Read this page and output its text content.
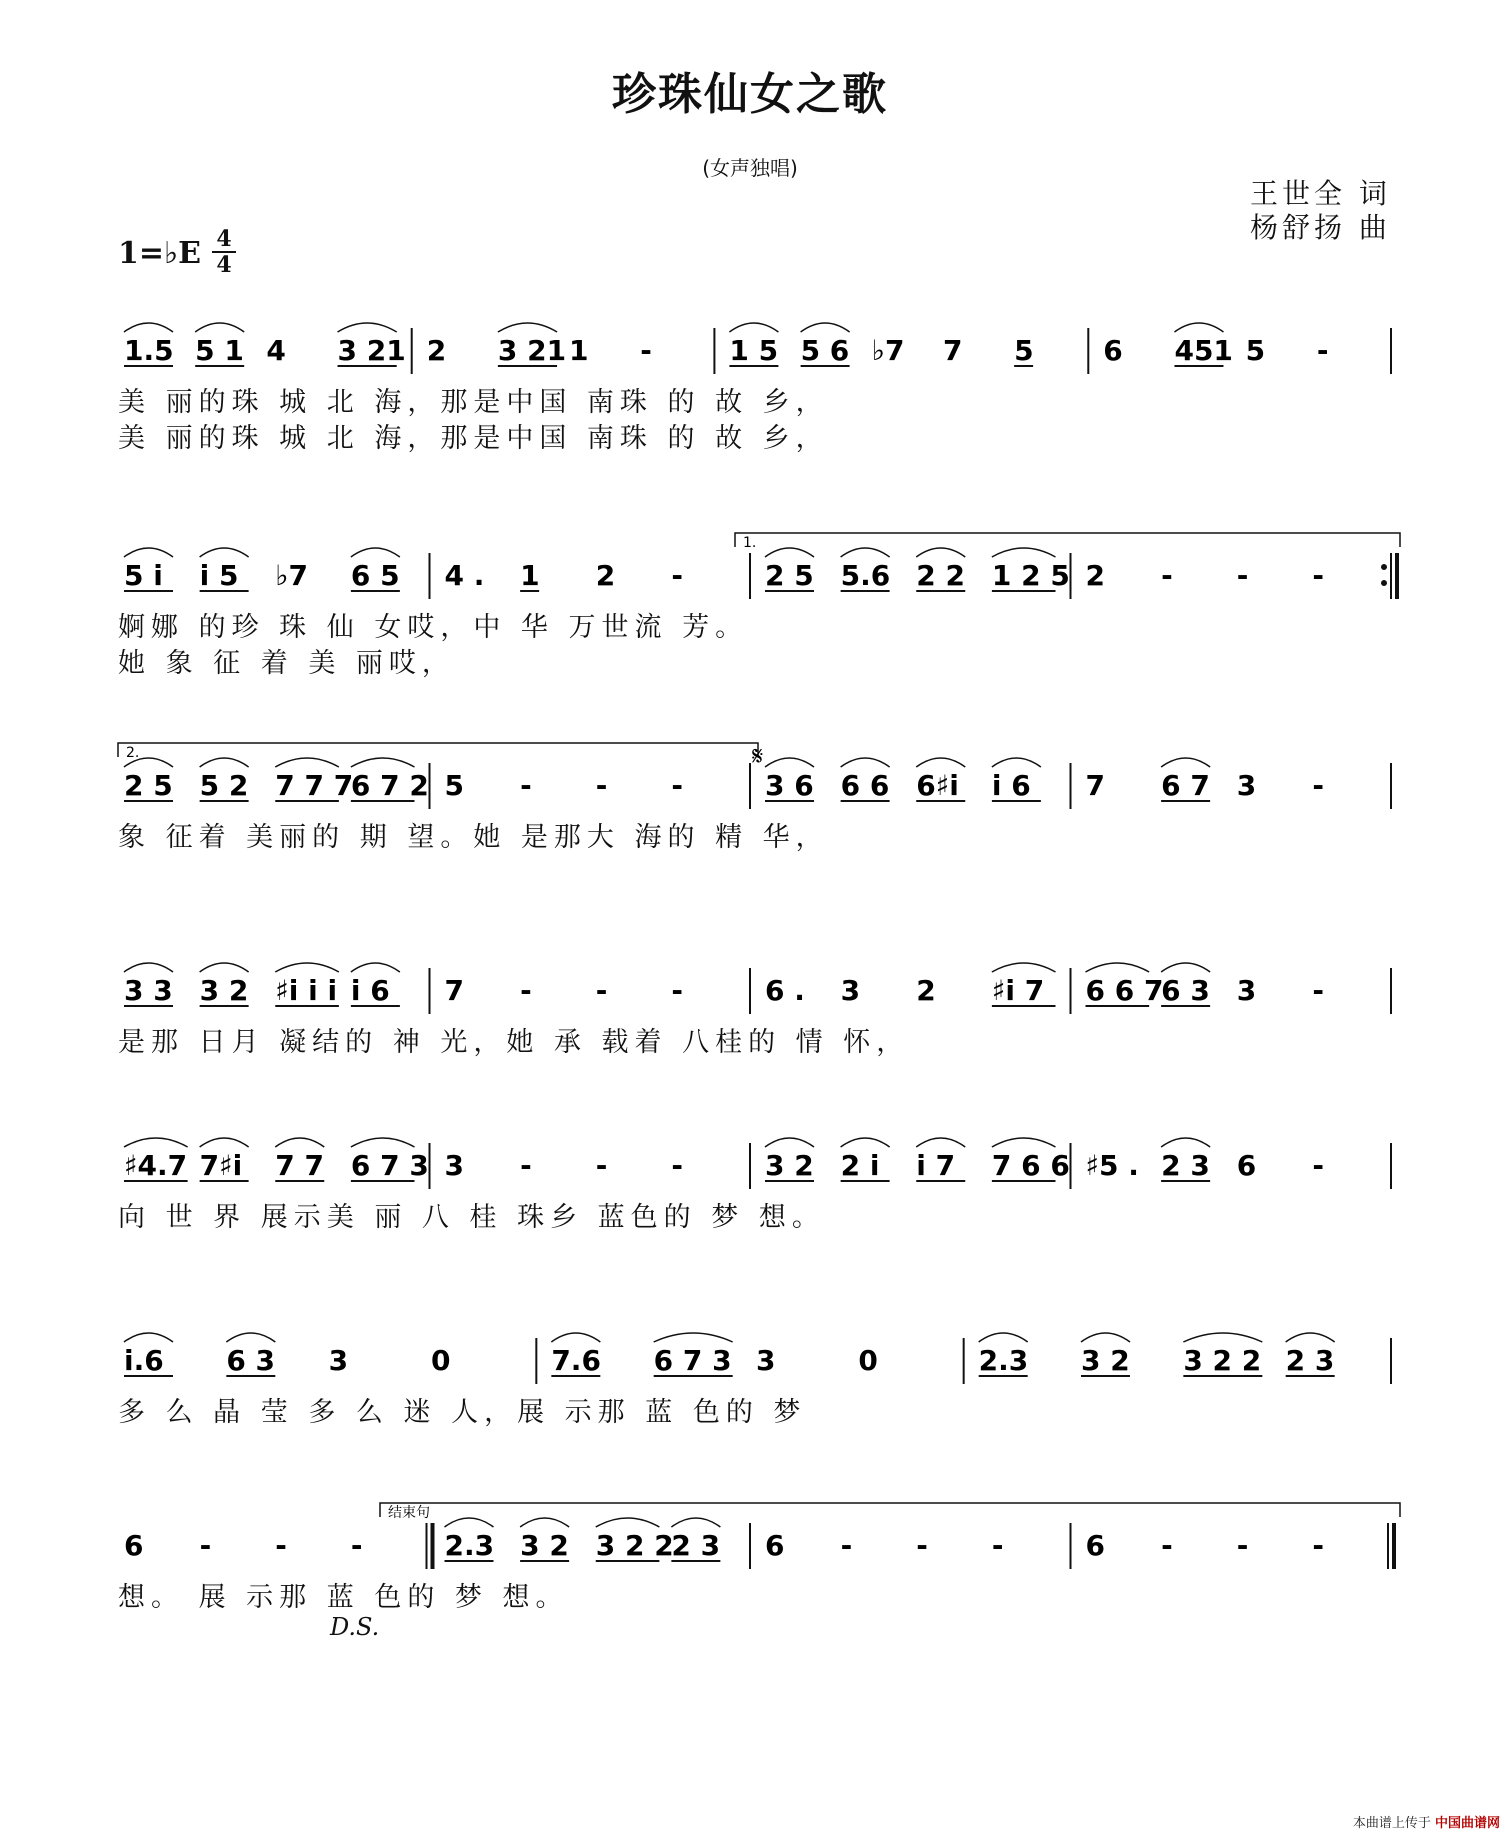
珍珠仙女之歌
(女声独唱)
王世全 词
杨舒扬 曲
1=♭E 4
4
1.5 5 1 4 3 21 2 3 21 1 -	1 5 5 6 ♭7 7 5 6 451 5 -
美 丽的珠 城 北 海，那是中国 南珠 的 故 乡，
美 丽的珠 城 北 海，那是中国 南珠 的 故 乡，
1.
5 i i 5 ♭7 6 5 4 . 1 2 -	2 5 5.6 2 2 1 2 5 2 - - -
婀娜 的珍 珠 仙 女哎，中 华 万世流 芳。
她 象 征 着 美 丽哎，
2.	𝄋
2 5 5 2 7 7 7
6 7 2 5 - - -	3 6 6 6 6♯i i 6 7 6 7 3 -
象 征着 美丽的 期 望。她 是那大 海的 精 华，
3 3 3 2 ♯i i i i 6 7 - - -	6 . 3 2 ♯i 7 6 6 7
6 3 3 -
是那 日月 凝结的 神 光，她 承 载着 八桂的 情 怀，
♯4.7 7♯i 7 7 6 7 3 3 - - -	3 2 2 i i 7 7 6 6 ♯5 . 2 3 6 -
向 世 界 展示美 丽 八 桂 珠乡 蓝色的 梦 想。
i.6 6 3 3	0	7.6 6 7 3 3	0	2.3 3 2 3 2 2 2 3
多 么 晶 莹 多 么 迷 人，展 示那 蓝 色的 梦
结束句
6 - - -	2.3 3 2 3 2 2
2 3 6 - - -	6 - - -
D.S.
想。 展 示那 蓝 色的 梦 想。
本曲谱上传于 中国曲谱网
